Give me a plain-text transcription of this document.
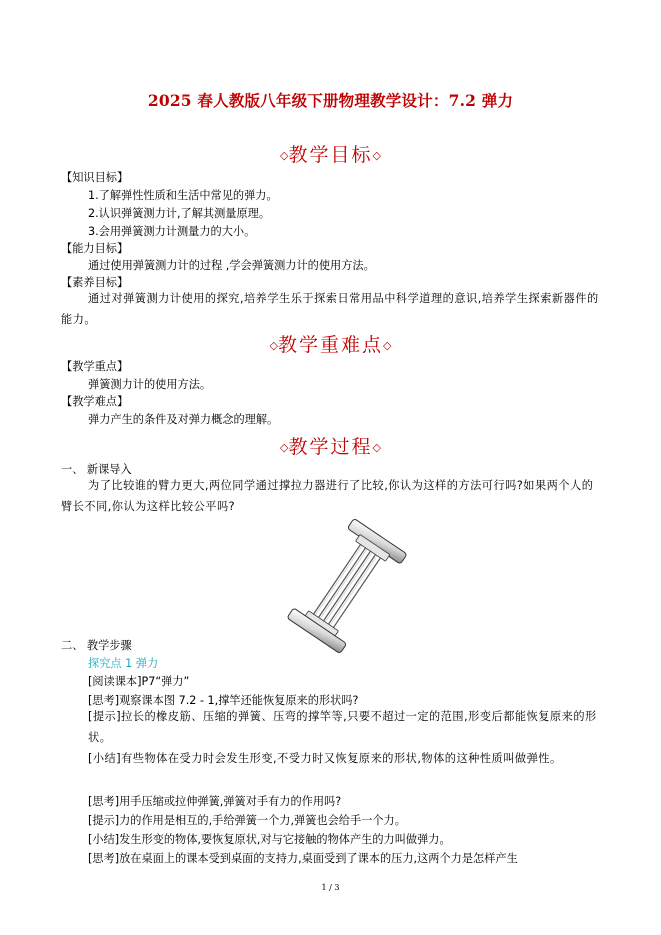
2025 春人教版八年级下册物理教学设计：7.2 弹力
◇教学目标◇
【知识目标】
1.了解弹性性质和生活中常见的弹力。
2.认识弹簧测力计,了解其测量原理。
3.会用弹簧测力计测量力的大小。
【能力目标】
通过使用弹簧测力计的过程 ,学会弹簧测力计的使用方法。
【素养目标】
通过对弹簧测力计使用的探究,培养学生乐于探索日常用品中科学道理的意识,培养学生探索新器件的能力。
◇教学重难点◇
【教学重点】
弹簧测力计的使用方法。
【教学难点】
弹力产生的条件及对弹力概念的理解。
◇教学过程◇
一、 新课导入
为了比较谁的臂力更大,两位同学通过撑拉力器进行了比较,你认为这样的方法可行吗?如果两个人的臂长不同,你认为这样比较公平吗?
二、 教学步骤
探究点 1 弹力
[阅读课本]P7“弹力”
[思考]观察课本图 7.2 - 1,撑竿还能恢复原来的形状吗?
[提示]拉长的橡皮筋、压缩的弹簧、压弯的撑竿等,只要不超过一定的范围,形变后都能恢复原来的形状。
[小结]有些物体在受力时会发生形变,不受力时又恢复原来的形状,物体的这种性质叫做弹性。
[思考]用手压缩或拉伸弹簧,弹簧对手有力的作用吗?
[提示]力的作用是相互的,手给弹簧一个力,弹簧也会给手一个力。
[小结]发生形变的物体,要恢复原状,对与它接触的物体产生的力叫做弹力。
[思考]放在桌面上的课本受到桌面的支持力,桌面受到了课本的压力,这两个力是怎样产生
1 / 3
